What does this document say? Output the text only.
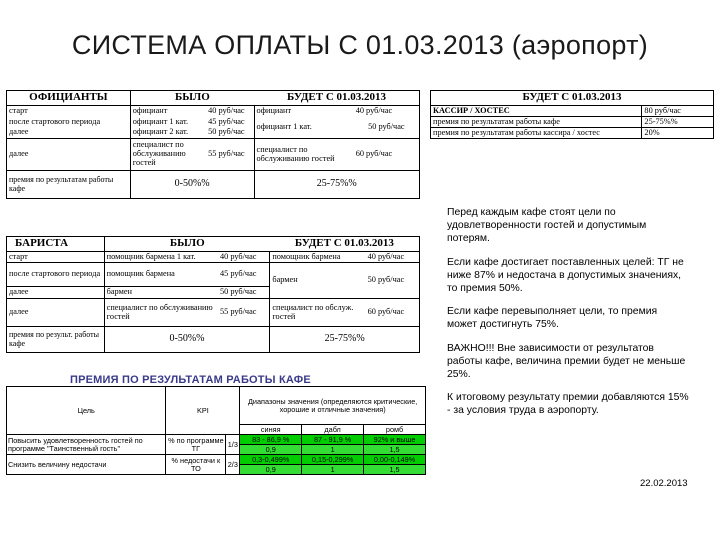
СИСТЕМА ОПЛАТЫ С 01.03.2013 (аэропорт)
ОФИЦИАНТЫ	БЫЛО		БУДЕТ С 01.03.2013	
старт	официант	40 руб/час	официант	40 руб/час
после стартового периода	официант 1 кат.	45 руб/час	официант 1 кат.	50 руб/час
далее	официант 2 кат.	50 руб/час		
далее	специалист по обслуживанию гостей	55 руб/час	специалист по обслуживанию гостей	60 руб/час
премия по результатам работы кафе	0-50%%		25-75%%	
БУДЕТ С 01.03.2013	
КАССИР / ХОСТЕС	80 руб/час
премия по результатам работы кафе	25-75%%
премия по результатам работы кассира / хостес	20%
БАРИСТА	БЫЛО		БУДЕТ С 01.03.2013	
старт	помощник бармена 1 кат.	40 руб/час	помощник бармена	40 руб/час
после стартового периода	помощник бармена	45 руб/час	бармен	50 руб/час
далее	бармен	50 руб/час		
далее	специалист по обслуживанию гостей	55 руб/час	специалист по обслуж. гостей	60 руб/час
премия по результ. работы кафе	0-50%%		25-75%%	

Перед каждым кафе стоят цели по удовлетворенности гостей и допустимым потерям.

Если кафе достигает поставленных целей: ТГ не ниже 87% и недостача в допустимых значениях, то премия 50%.

Если кафе перевыполняет цели, то премия может достигнуть 75%.

ВАЖНО!!! Вне зависимости от результатов работы кафе, величина премии будет не меньше 25%.

К итоговому результату премии добавляются 15% - за условия труда в аэропорту.

ПРЕМИЯ ПО РЕЗУЛЬТАТАМ РАБОТЫ КАФЕ
Цель	KPI		Диапазоны значения (определяются критические, хорошие и отличные значения)		
			синяя	дабл	ромб
Повысить удовлетворенность гостей по программе "Таинственный гость"	% по программе ТГ	1/3	83 - 86,9 %	87 - 91,9 %	92% и выше
			0,9	1	1,5
Снизить величину недостачи	% недостачи к ТО	2/3	0,3-0,499%	0,15-0,299%	0,00-0,149%
			0,9	1	1,5
22.02.2013
